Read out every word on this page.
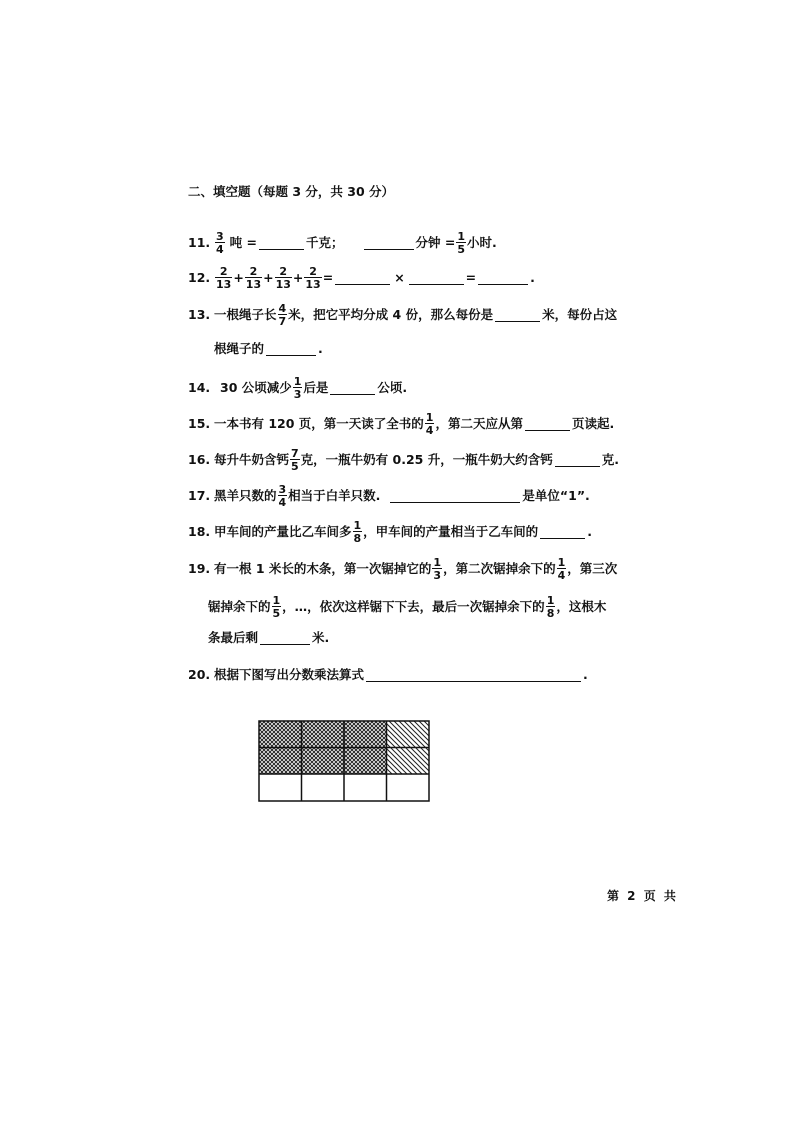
二、填空题（每题 3 分，共 30 分）
11. $\frac{3}{4}$ 吨 =	千克；	分钟 = $\frac{1}{5}$ 小时.
12. $\frac{2}{13} + \frac{2}{13} + \frac{2}{13} + \frac{2}{13}$ =	×	=	.
13. 一根绳子长 $\frac{4}{7}$ 米，把它平均分成 4 份，那么每份是	米，每份占这
根绳子的	.
14. 30 公顷减少 $\frac{1}{3}$ 后是	公顷.
15. 一本书有 120 页，第一天读了全书的 $\frac{1}{4}$ ，第二天应从第	页读起.
16. 每升牛奶含钙 $\frac{7}{5}$ 克，一瓶牛奶有 0.25 升，一瓶牛奶大约含钙	克.
17. 黑羊只数的 $\frac{3}{4}$ 相当于白羊只数.	是单位“1”.
18. 甲车间的产量比乙车间多 $\frac{1}{8}$ ，甲车间的产量相当于乙车间的	.
19. 有一根 1 米长的木条，第一次锯掉它的 $\frac{1}{3}$ ，第二次锯掉余下的 $\frac{1}{4}$ ，第三次
锯掉余下的 $\frac{1}{5}$ ，…，依次这样锯下下去，最后一次锯掉余下的 $\frac{1}{8}$ ，这根木
条最后剩	米.
20. 根据下图写出分数乘法算式	.
第 2 页 共
